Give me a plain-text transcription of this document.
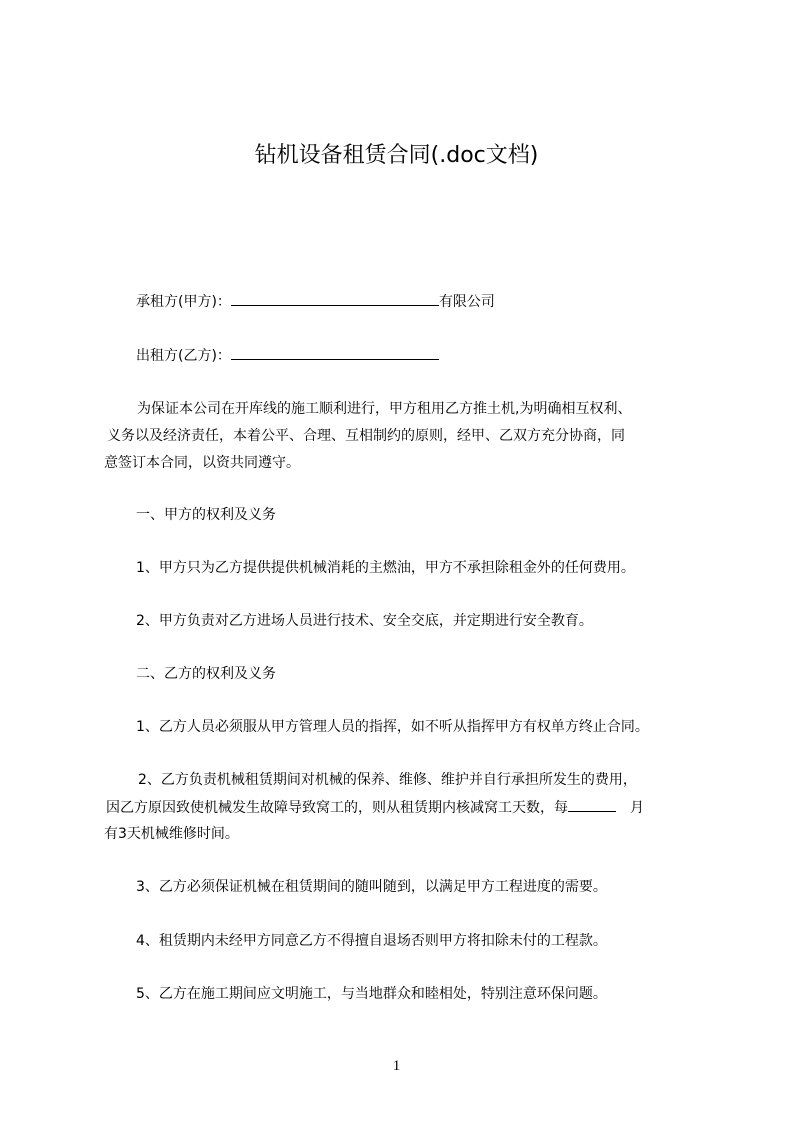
钻机设备租赁合同(.doc文档)
承租方(甲方)：	有限公司
出租方(乙方)：
为保证本公司在开库线的施工顺利进行，甲方租用乙方推土机,为明确相互权利、
义务以及经济责任，本着公平、合理、互相制约的原则，经甲、乙双方充分协商，同
意签订本合同，以资共同遵守。
一、甲方的权利及义务
1、甲方只为乙方提供提供机械消耗的主燃油，甲方不承担除租金外的任何费用。
2、甲方负责对乙方进场人员进行技术、安全交底，并定期进行安全教育。
二、乙方的权利及义务
1、乙方人员必须服从甲方管理人员的指挥，如不听从指挥甲方有权单方终止合同。
2、乙方负责机械租赁期间对机械的保养、维修、维护并自行承担所发生的费用，
因乙方原因致使机械发生故障导致窝工的，则从租赁期内核减窝工天数，每	月
有3天机械维修时间。
3、乙方必须保证机械在租赁期间的随叫随到，以满足甲方工程进度的需要。
4、租赁期内未经甲方同意乙方不得擅自退场否则甲方将扣除未付的工程款。
5、乙方在施工期间应文明施工，与当地群众和睦相处，特别注意环保问题。
1
